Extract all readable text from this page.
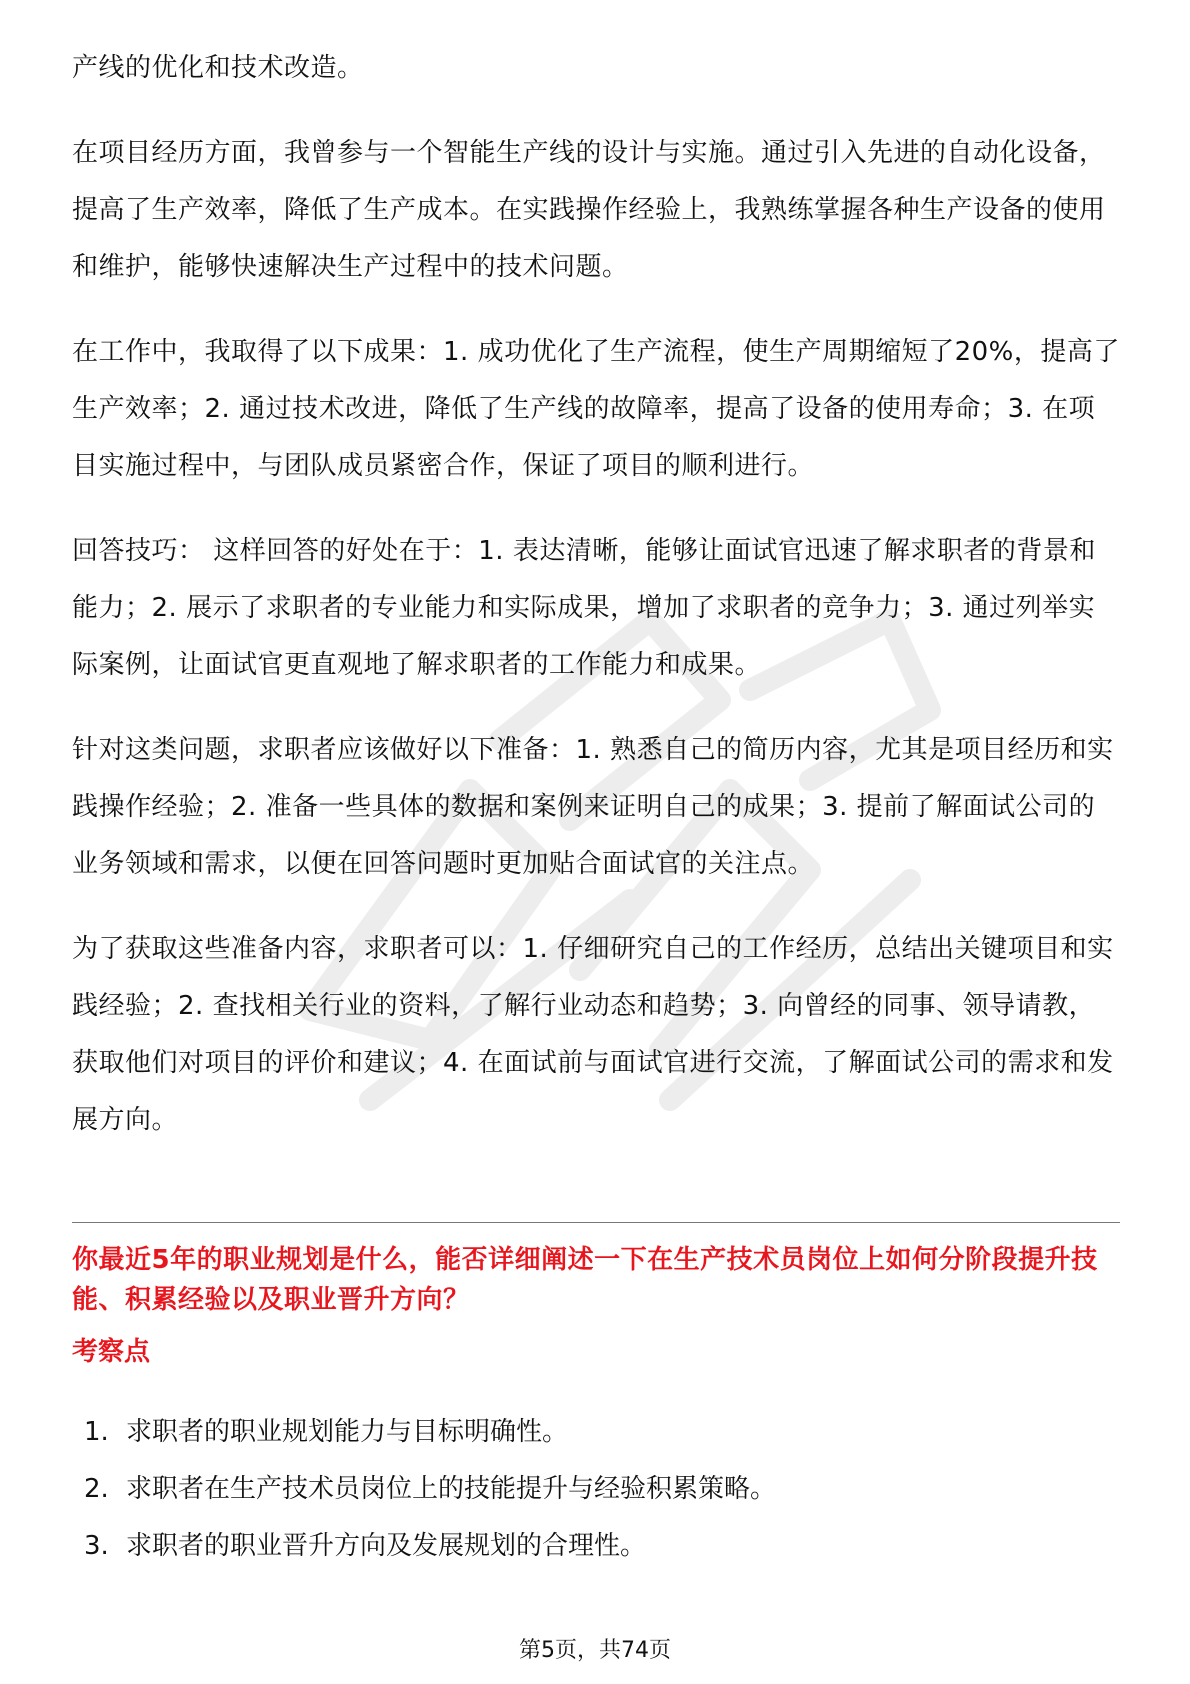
产线的优化和技术改造。

在项目经历方面，我曾参与一个智能生产线的设计与实施。通过引入先进的自动化设备，提高了生产效率，降低了生产成本。在实践操作经验上，我熟练掌握各种生产设备的使用和维护，能够快速解决生产过程中的技术问题。

在工作中，我取得了以下成果：1. 成功优化了生产流程，使生产周期缩短了20%，提高了生产效率；2. 通过技术改进，降低了生产线的故障率，提高了设备的使用寿命；3. 在项目实施过程中，与团队成员紧密合作，保证了项目的顺利进行。

回答技巧： 这样回答的好处在于：1. 表达清晰，能够让面试官迅速了解求职者的背景和能力；2. 展示了求职者的专业能力和实际成果，增加了求职者的竞争力；3. 通过列举实际案例，让面试官更直观地了解求职者的工作能力和成果。

针对这类问题，求职者应该做好以下准备：1. 熟悉自己的简历内容，尤其是项目经历和实践操作经验；2. 准备一些具体的数据和案例来证明自己的成果；3. 提前了解面试公司的业务领域和需求，以便在回答问题时更加贴合面试官的关注点。

为了获取这些准备内容，求职者可以：1. 仔细研究自己的工作经历，总结出关键项目和实践经验；2. 查找相关行业的资料，了解行业动态和趋势；3. 向曾经的同事、领导请教，获取他们对项目的评价和建议；4. 在面试前与面试官进行交流，了解面试公司的需求和发展方向。

你最近5年的职业规划是什么，能否详细阐述一下在生产技术员岗位上如何分阶段提升技能、积累经验以及职业晋升方向？
考察点
1. 求职者的职业规划能力与目标明确性。
2. 求职者在生产技术员岗位上的技能提升与经验积累策略。
3. 求职者的职业晋升方向及发展规划的合理性。
第5页，共74页
